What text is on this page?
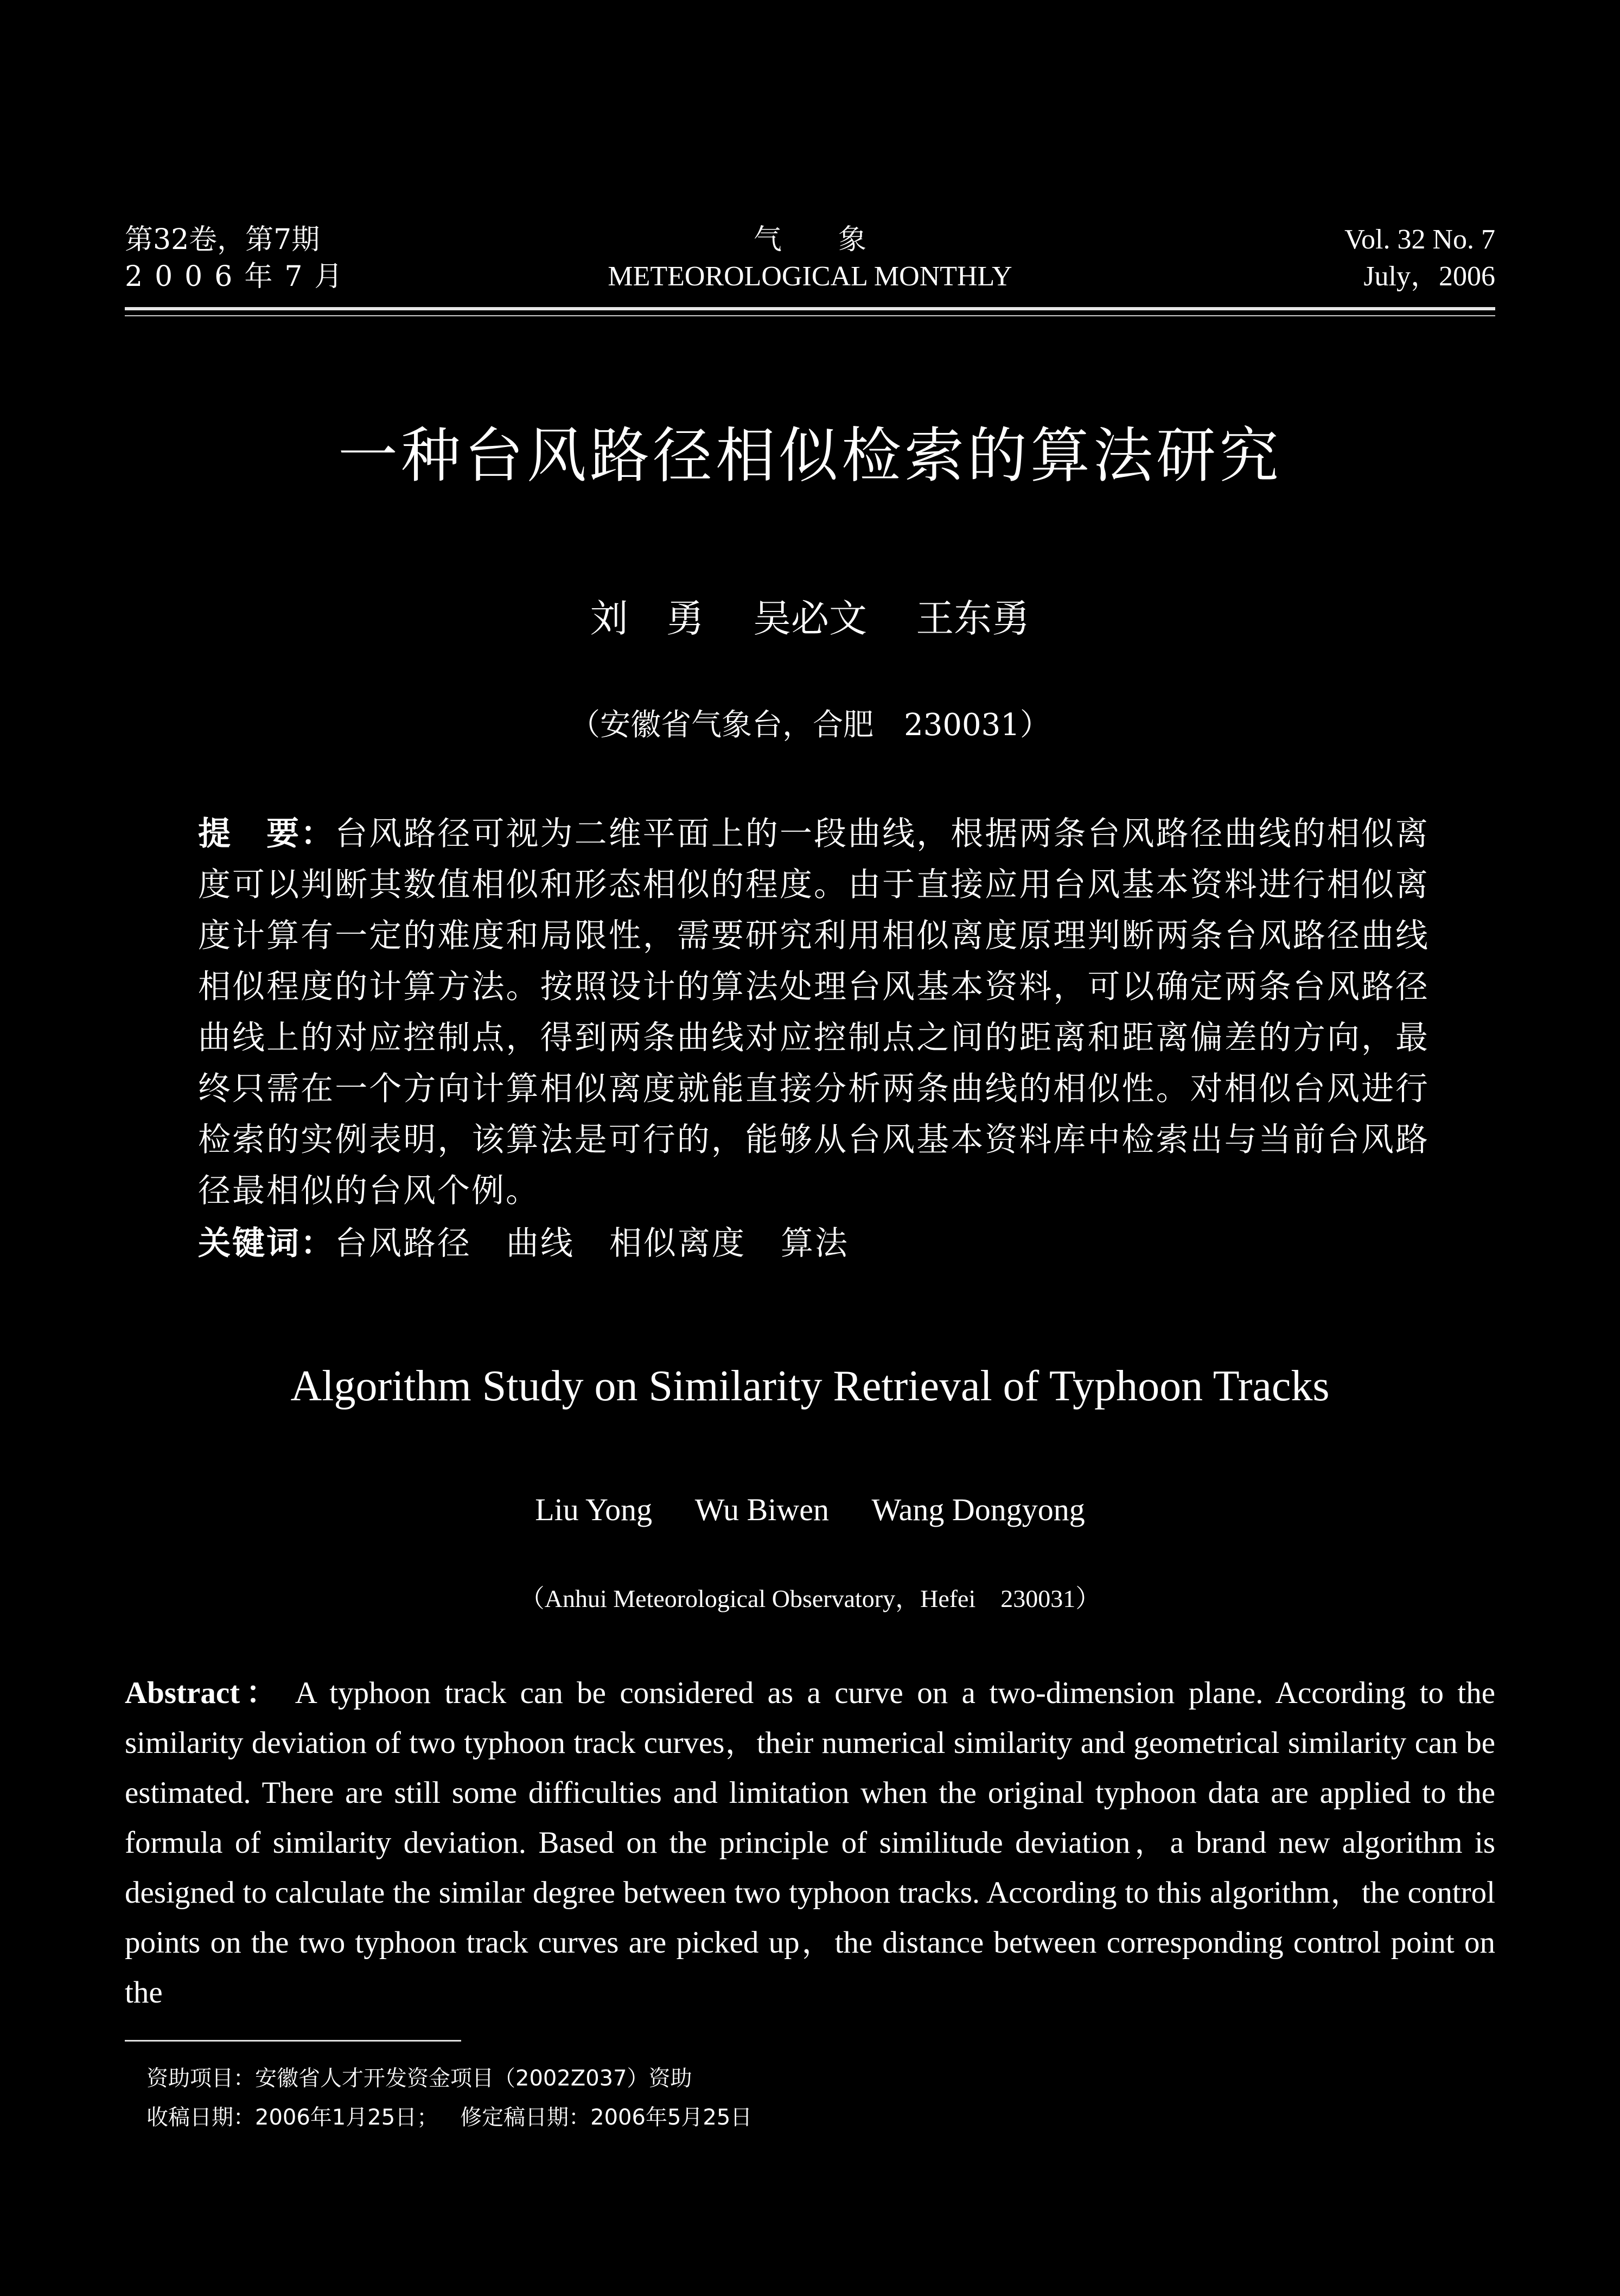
第32卷，第7期

2006年7月

气　　象

METEOROLOGICAL MONTHLY

Vol. 32 No. 7

July，2006

一种台风路径相似检索的算法研究
刘　勇 吴必文 王东勇
（安徽省气象台，合肥　230031）
提　要：台风路径可视为二维平面上的一段曲线，根据两条台风路径曲线的相似离度可以判断其数值相似和形态相似的程度。由于直接应用台风基本资料进行相似离度计算有一定的难度和局限性，需要研究利用相似离度原理判断两条台风路径曲线相似程度的计算方法。按照设计的算法处理台风基本资料，可以确定两条台风路径曲线上的对应控制点，得到两条曲线对应控制点之间的距离和距离偏差的方向，最终只需在一个方向计算相似离度就能直接分析两条曲线的相似性。对相似台风进行检索的实例表明，该算法是可行的，能够从台风基本资料库中检索出与当前台风路径最相似的台风个例。
关键词：台风路径 曲线 相似离度 算法
Algorithm Study on Similarity Retrieval of Typhoon Tracks
Liu Yong Wu Biwen Wang Dongyong
（Anhui Meteorological Observatory，Hefei　230031）
Abstract： A typhoon track can be considered as a curve on a two-dimension plane. According to the similarity deviation of two typhoon track curves，their numerical similarity and geometrical similarity can be estimated. There are still some difficulties and limitation when the original typhoon data are applied to the formula of similarity deviation. Based on the principle of similitude deviation，a brand new algorithm is designed to calculate the similar degree between two typhoon tracks. According to this algorithm，the control points on the two typhoon track curves are picked up，the distance between corresponding control point on the

资助项目：安徽省人才开发资金项目（2002Z037）资助

收稿日期：2006年1月25日； 修定稿日期：2006年5月25日
